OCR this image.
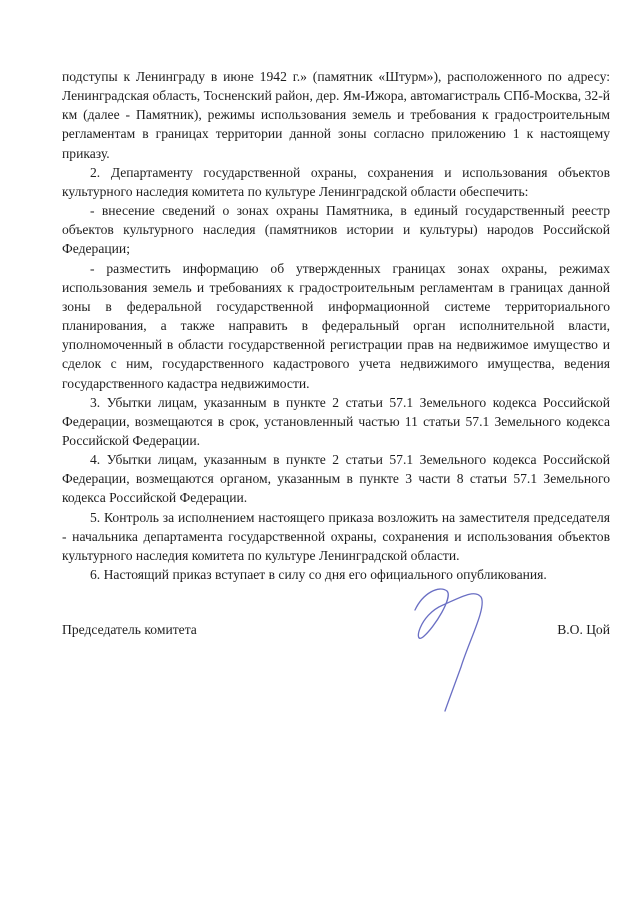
подступы к Ленинграду в июне 1942 г.» (памятник «Штурм»), расположенного по адресу: Ленинградская область, Тосненский район, дер. Ям-Ижора, автомагистраль СПб-Москва, 32-й км (далее - Памятник), режимы использования земель и требования к градостроительным регламентам в границах территории данной зоны согласно приложению 1 к настоящему приказу.

2. Департаменту государственной охраны, сохранения и использования объектов культурного наследия комитета по культуре Ленинградской области обеспечить:

- внесение сведений о зонах охраны Памятника, в единый государственный реестр объектов культурного наследия (памятников истории и культуры) народов Российской Федерации;

- разместить информацию об утвержденных границах зонах охраны, режимах использования земель и требованиях к градостроительным регламентам в границах данной зоны в федеральной государственной информационной системе территориального планирования, а также направить в федеральный орган исполнительной власти, уполномоченный в области государственной регистрации прав на недвижимое имущество и сделок с ним, государственного кадастрового учета недвижимого имущества, ведения государственного кадастра недвижимости.

3. Убытки лицам, указанным в пункте 2 статьи 57.1 Земельного кодекса Российской Федерации, возмещаются в срок, установленный частью 11 статьи 57.1 Земельного кодекса Российской Федерации.

4. Убытки лицам, указанным в пункте 2 статьи 57.1 Земельного кодекса Российской Федерации, возмещаются органом, указанным в пункте 3 части 8 статьи 57.1 Земельного кодекса Российской Федерации.

5. Контроль за исполнением настоящего приказа возложить на заместителя председателя - начальника департамента государственной охраны, сохранения и использования объектов культурного наследия комитета по культуре Ленинградской области.

6. Настоящий приказ вступает в силу со дня его официального опубликования.

Председатель комитета	В.О. Цой
